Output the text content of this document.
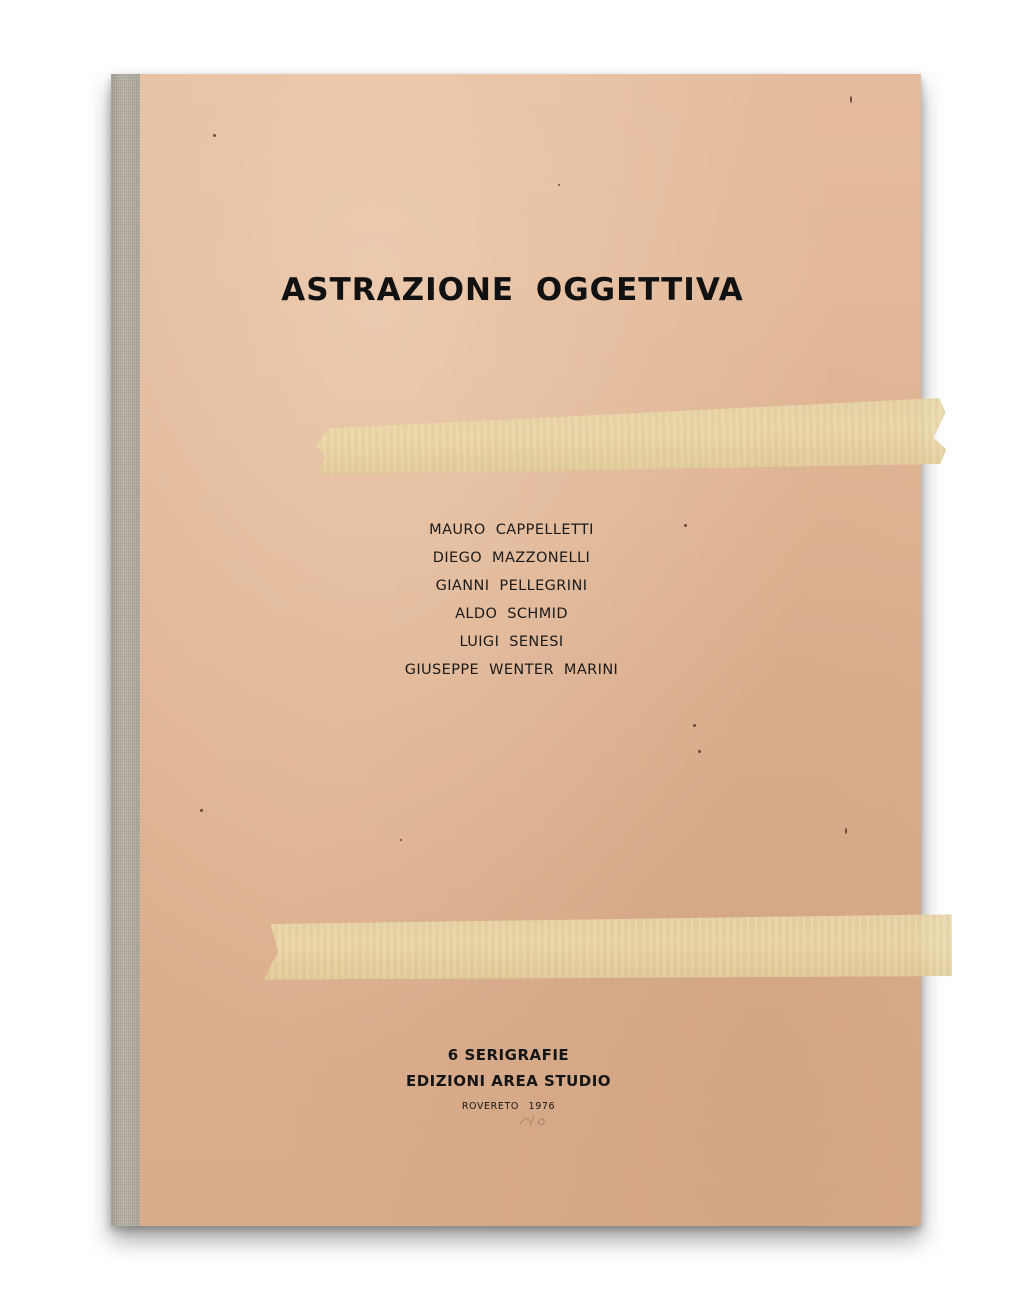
ASTRAZIONE OGGETTIVA
MAURO CAPPELLETTI
DIEGO MAZZONELLI
GIANNI PELLEGRINI
ALDO SCHMID
LUIGI SENESI
GIUSEPPE WENTER MARINI
6 SERIGRAFIE
EDIZIONI AREA STUDIO
ROVERETO 1976
